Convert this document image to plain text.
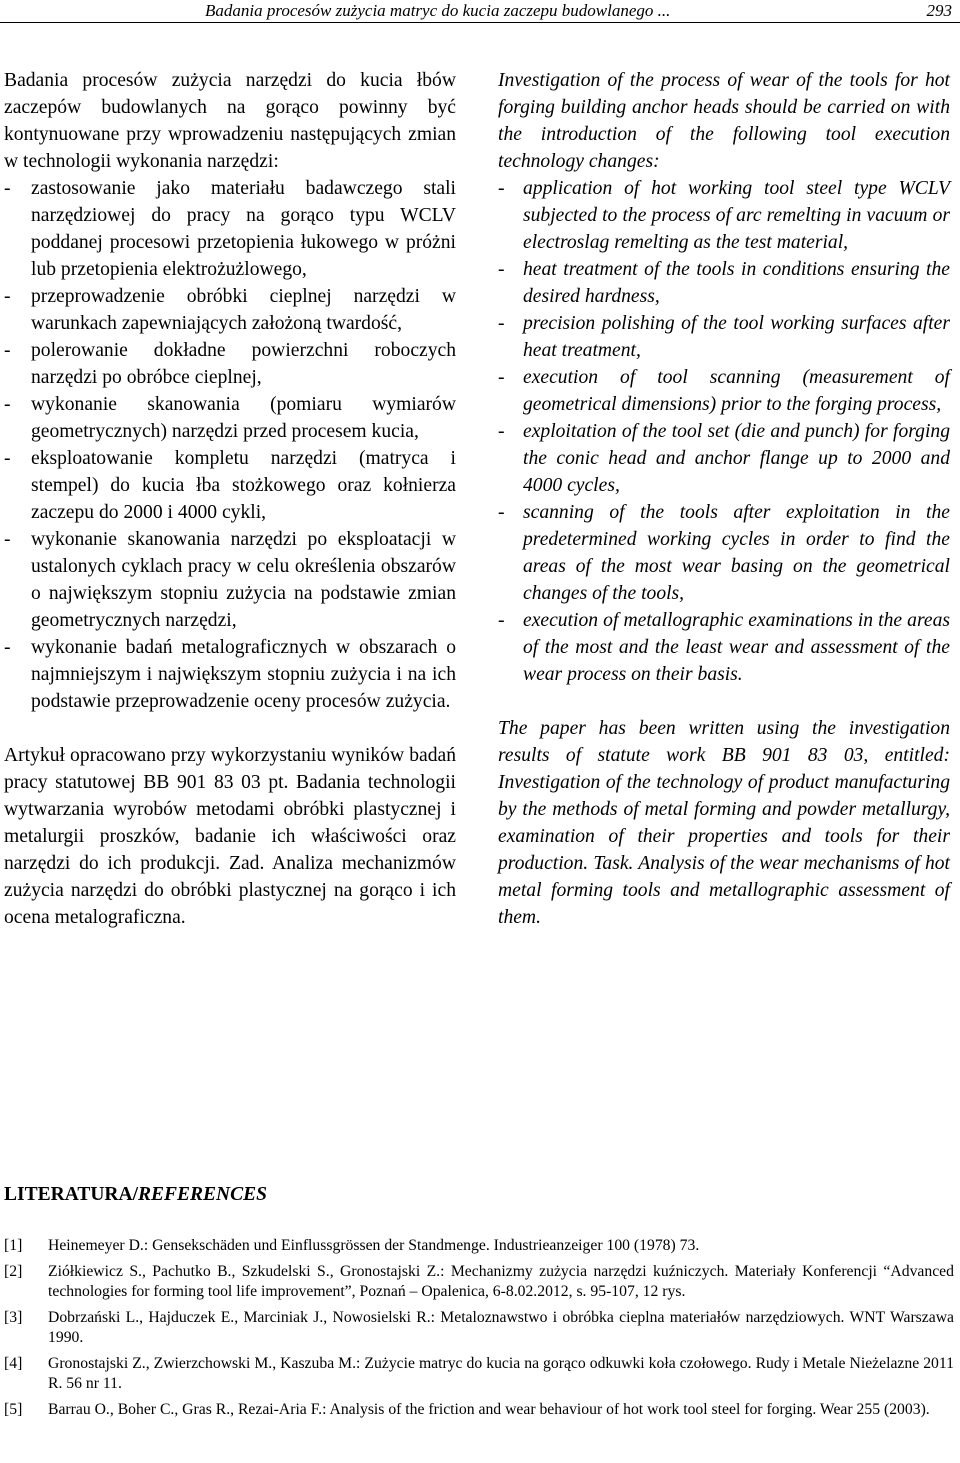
Badania procesów zużycia matryc do kucia zaczepu budowlanego ...	293

Badania procesów zużycia narzędzi do kucia łbów zaczepów budowlanych na gorąco powinny być kontynuowane przy wprowadzeniu następujących zmian w technologii wykonania narzędzi:

- zastosowanie jako materiału badawczego stali narzędziowej do pracy na gorąco typu WCLV poddanej procesowi przetopienia łukowego w próżni lub przetopienia elektrożużlowego,
- przeprowadzenie obróbki cieplnej narzędzi w warunkach zapewniających założoną twardość,
- polerowanie dokładne powierzchni roboczych narzędzi po obróbce cieplnej,
- wykonanie skanowania (pomiaru wymiarów geometrycznych) narzędzi przed procesem kucia,
- eksploatowanie kompletu narzędzi (matryca i stempel) do kucia łba stożkowego oraz kołnierza zaczepu do 2000 i 4000 cykli,
- wykonanie skanowania narzędzi po eksploatacji w ustalonych cyklach pracy w celu określenia obszarów o największym stopniu zużycia na podstawie zmian geometrycznych narzędzi,
- wykonanie badań metalograficznych w obszarach o najmniejszym i największym stopniu zużycia i na ich podstawie przeprowadzenie oceny procesów zużycia.

Artykuł opracowano przy wykorzystaniu wyników badań pracy statutowej BB 901 83 03 pt. Badania technologii wytwarzania wyrobów metodami obróbki plastycznej i metalurgii proszków, badanie ich właściwości oraz narzędzi do ich produkcji. Zad. Analiza mechanizmów zużycia narzędzi do obróbki plastycznej na gorąco i ich ocena metalograficzna.

Investigation of the process of wear of the tools for hot forging building anchor heads should be carried on with the introduction of the following tool execution technology changes:

- application of hot working tool steel type WCLV subjected to the process of arc remelting in vacuum or electroslag remelting as the test material,
- heat treatment of the tools in conditions ensuring the desired hardness,
- precision polishing of the tool working surfaces after heat treatment,
- execution of tool scanning (measurement of geometrical dimensions) prior to the forging process,
- exploitation of the tool set (die and punch) for forging the conic head and anchor flange up to 2000 and 4000 cycles,
- scanning of the tools after exploitation in the predetermined working cycles in order to find the areas of the most wear basing on the geometrical changes of the tools,
- execution of metallographic examinations in the areas of the most and the least wear and assessment of the wear process on their basis.

The paper has been written using the investigation results of statute work BB 901 83 03, entitled: Investigation of the technology of product manufacturing by the methods of metal forming and powder metallurgy, examination of their properties and tools for their production. Task. Analysis of the wear mechanisms of hot metal forming tools and metallographic assessment of them.

LITERATURA/REFERENCES
[1] Heinemeyer D.: Gensekschäden und Einflussgrössen der Standmenge. Industrieanzeiger 100 (1978) 73.
[2] Ziółkiewicz S., Pachutko B., Szkudelski S., Gronostajski Z.: Mechanizmy zużycia narzędzi kuźniczych. Materiały Konferencji “Advanced technologies for forming tool life improvement”, Poznań – Opalenica, 6-8.02.2012, s. 95-107, 12 rys.
[3] Dobrzański L., Hajduczek E., Marciniak J., Nowosielski R.: Metaloznawstwo i obróbka cieplna materiałów narzędziowych. WNT Warszawa 1990.
[4] Gronostajski Z., Zwierzchowski M., Kaszuba M.: Zużycie matryc do kucia na gorąco odkuwki koła czołowego. Rudy i Metale Nieżelazne 2011 R. 56 nr 11.
[5] Barrau O., Boher C., Gras R., Rezai-Aria F.: Analysis of the friction and wear behaviour of hot work tool steel for forging. Wear 255 (2003).
